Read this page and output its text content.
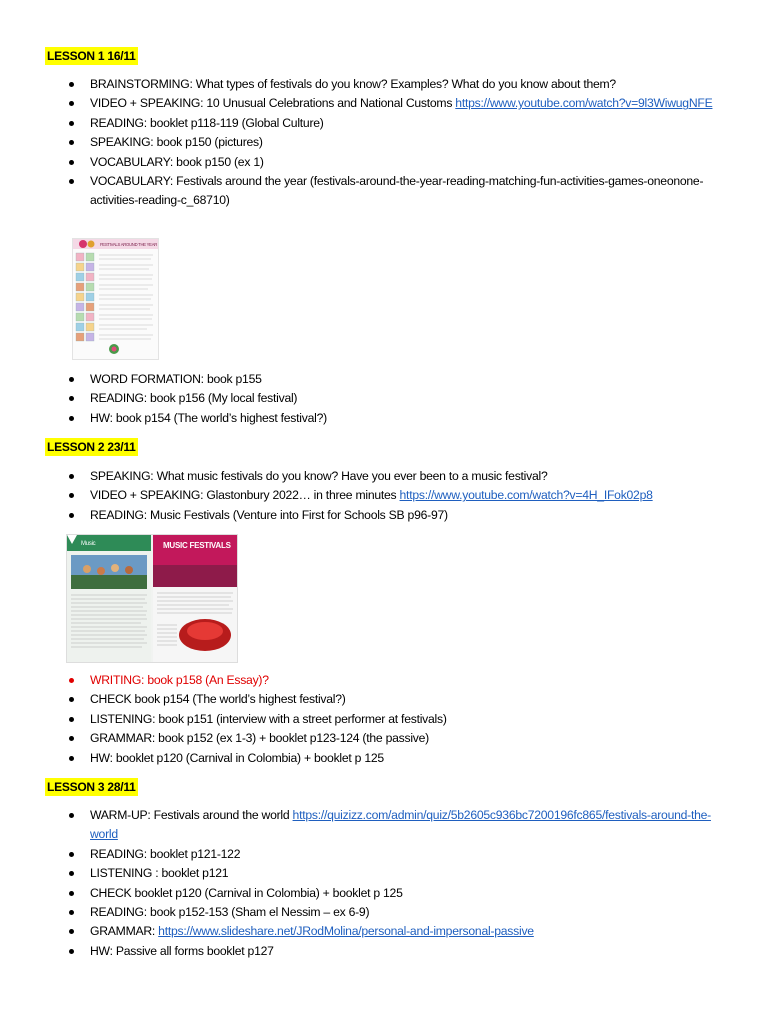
LESSON 1 16/11
BRAINSTORMING: What types of festivals do you know? Examples? What do you know about them?
VIDEO + SPEAKING: 10 Unusual Celebrations and National Customs https://www.youtube.com/watch?v=9l3WiwugNFE
READING: booklet p118-119 (Global Culture)
SPEAKING: book p150 (pictures)
VOCABULARY: book p150 (ex 1)
VOCABULARY: Festivals around the year (festivals-around-the-year-reading-matching-fun-activities-games-oneonone-activities-reading-c_68710)
FESTIVALS AROUND THE YEAR
WORD FORMATION: book p155
READING: book p156 (My local festival)
HW: book p154 (The world’s highest festival?)
LESSON 2 23/11
SPEAKING: What music festivals do you know? Have you ever been to a music festival?
VIDEO + SPEAKING: Glastonbury 2022… in three minutes https://www.youtube.com/watch?v=4H_IFok02p8
READING: Music Festivals (Venture into First for Schools SB p96-97)
Music	MUSIC FESTIVALS
WRITING: book p158 (An Essay)?
CHECK book p154 (The world’s highest festival?)
LISTENING: book p151 (interview with a street performer at festivals)
GRAMMAR: book p152 (ex 1-3) + booklet p123-124 (the passive)
HW: booklet p120 (Carnival in Colombia) + booklet p 125
LESSON 3 28/11
WARM-UP: Festivals around the world https://quizizz.com/admin/quiz/5b2605c936bc7200196fc865/festivals-around-the-world
READING: booklet p121-122
LISTENING : booklet p121
CHECK booklet p120 (Carnival in Colombia) + booklet p 125
READING: book p152-153 (Sham el Nessim – ex 6-9)
GRAMMAR: https://www.slideshare.net/JRodMolina/personal-and-impersonal-passive
HW: Passive all forms booklet p127
